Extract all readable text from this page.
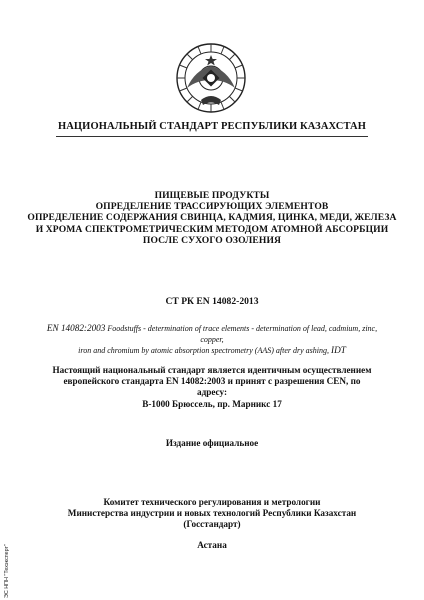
НАЦИОНАЛЬНЫЙ СТАНДАРТ РЕСПУБЛИКИ КАЗАХСТАН
ПИЩЕВЫЕ ПРОДУКТЫ
ОПРЕДЕЛЕНИЕ ТРАССИРУЮЩИХ ЭЛЕМЕНТОВ
ОПРЕДЕЛЕНИЕ СОДЕРЖАНИЯ СВИНЦА, КАДМИЯ, ЦИНКА, МЕДИ, ЖЕЛЕЗА
И ХРОМА СПЕКТРОМЕТРИЧЕСКИМ МЕТОДОМ АТОМНОЙ АБСОРБЦИИ
ПОСЛЕ СУХОГО ОЗОЛЕНИЯ
СТ РК EN 14082-2013
EN 14082:2003 Foodstuffs - determination of trace elements - determination of lead, cadmium, zinc, copper,
iron and chromium by atomic absorption spectrometry (AAS) after dry ashing, IDT
Настоящий национальный стандарт является идентичным осуществлением
европейского стандарта EN 14082:2003 и принят с разрешения CEN, по адресу:
B-1000 Брюссель, пр. Марникс 17
Издание официальное
Комитет технического регулирования и метрологии
Министерства индустрии и новых технологий Республики Казахстан
(Госстандарт)
Астана
ЭС НПН "Техэксперт"
